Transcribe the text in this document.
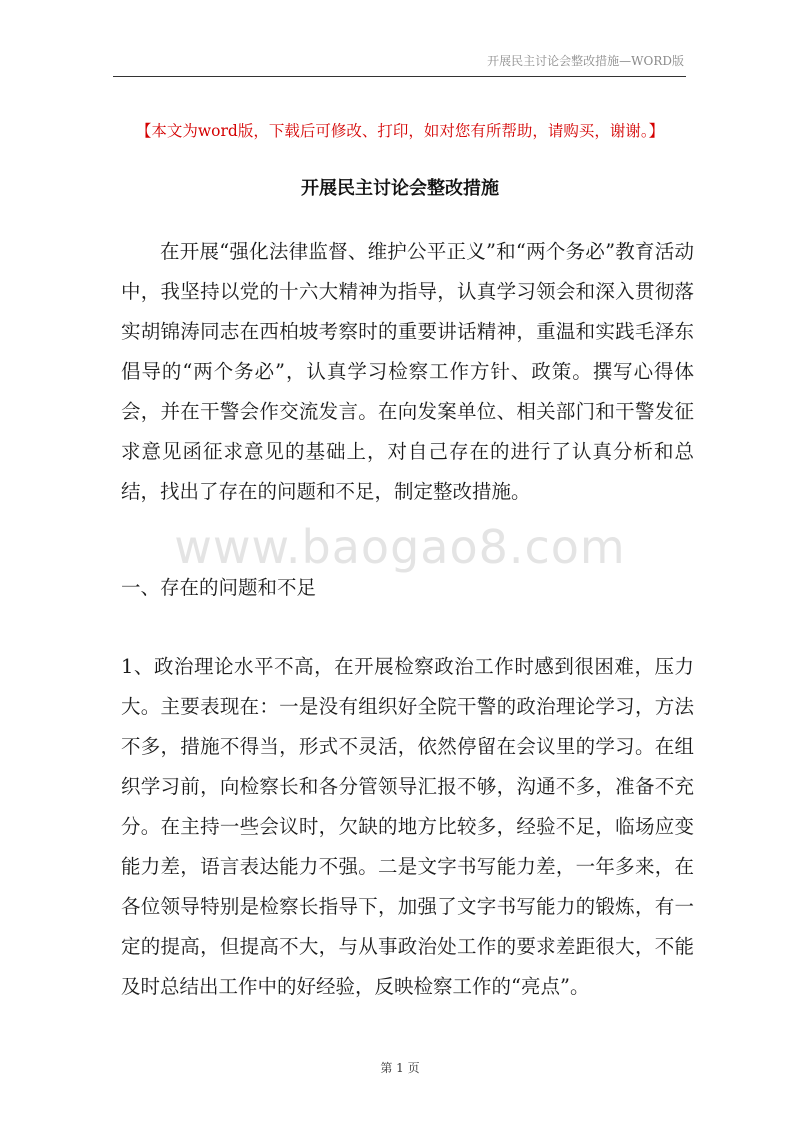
开展民主讨论会整改措施—WORD版
【本文为word版，下载后可修改、打印，如对您有所帮助，请购买，谢谢。】
开展民主讨论会整改措施
www.baogao8.com
在开展“强化法律监督、维护公平正义”和“两个务必”教育活动中，我坚持以党的十六大精神为指导，认真学习领会和深入贯彻落实胡锦涛同志在西柏坡考察时的重要讲话精神，重温和实践毛泽东倡导的“两个务必”，认真学习检察工作方针、政策。撰写心得体会，并在干警会作交流发言。在向发案单位、相关部门和干警发征求意见函征求意见的基础上，对自己存在的进行了认真分析和总结，找出了存在的问题和不足，制定整改措施。
一、存在的问题和不足
1、政治理论水平不高，在开展检察政治工作时感到很困难，压力大。主要表现在：一是没有组织好全院干警的政治理论学习，方法不多，措施不得当，形式不灵活，依然停留在会议里的学习。在组织学习前，向检察长和各分管领导汇报不够，沟通不多，准备不充分。在主持一些会议时，欠缺的地方比较多，经验不足，临场应变能力差，语言表达能力不强。二是文字书写能力差，一年多来，在各位领导特别是检察长指导下，加强了文字书写能力的锻炼，有一定的提高，但提高不大，与从事政治处工作的要求差距很大，不能及时总结出工作中的好经验，反映检察工作的“亮点”。
第 1 页
